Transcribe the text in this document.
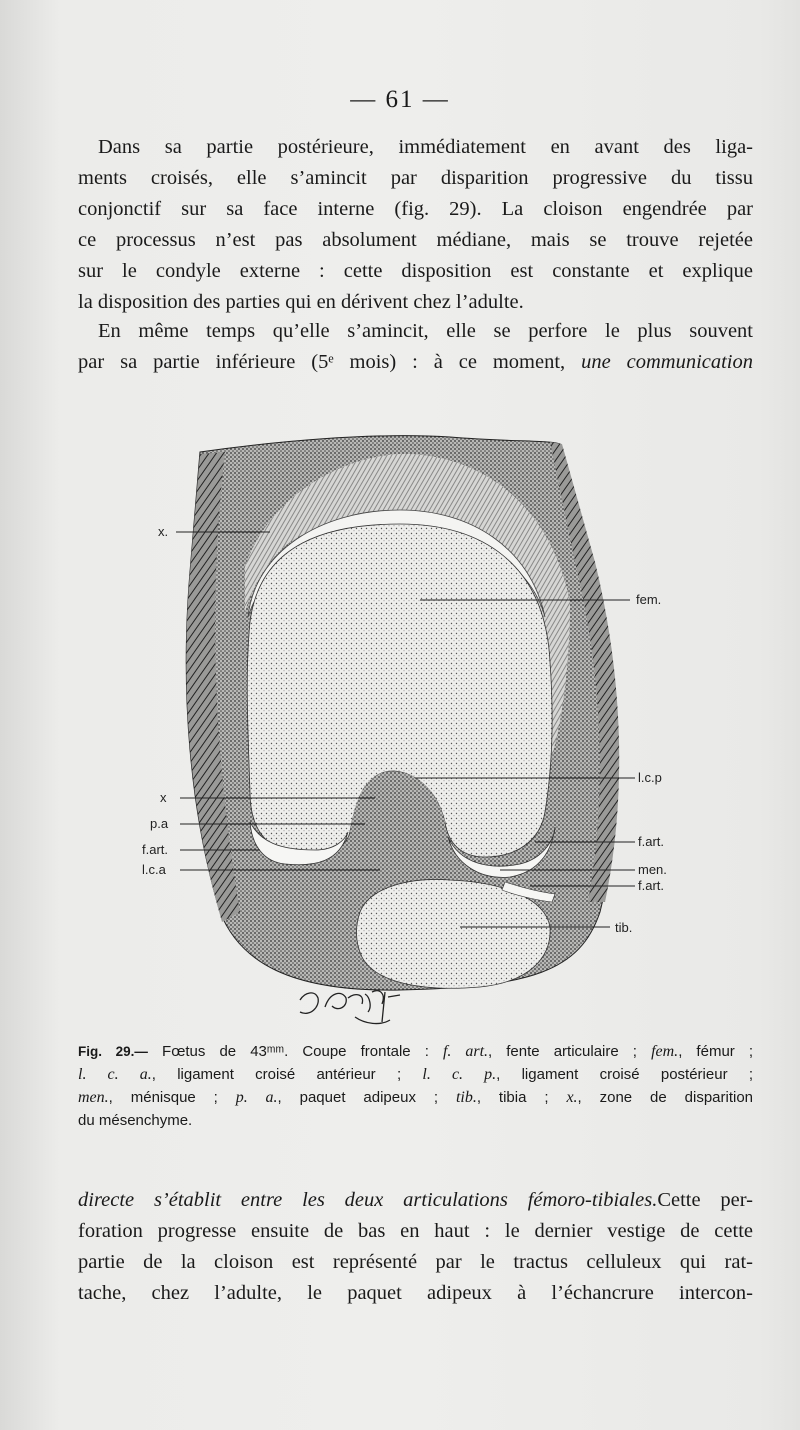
— 61 —

Dans sa partie postérieure, immédiatement en avant des liga-
ments croisés, elle s’amincit par disparition progressive du tissu
conjonctif sur sa face interne (fig. 29). La cloison engendrée par
ce processus n’est pas absolument médiane, mais se trouve rejetée
sur le condyle externe : cette disposition est constante et explique
la disposition des parties qui en dérivent chez l’adulte.

En même temps qu’elle s’amincit, elle se perfore le plus souvent
par sa partie inférieure (5ᵉ mois) : à ce moment, une communication

x.
fem.
l.c.p
x
p.a
f.art.
l.c.a
f.art.
men.
f.art.
tib.

Fig. 29.— Fœtus de 43ᵐᵐ. Coupe frontale : f. art., fente articulaire ; fem., fémur ;
l. c. a., ligament croisé antérieur ; l. c. p., ligament croisé postérieur ;
men., ménisque ; p. a., paquet adipeux ; tib., tibia ; x., zone de disparition
du mésenchyme.

directe s’établit entre les deux articulations fémoro-tibiales.Cette per-
foration progresse ensuite de bas en haut : le dernier vestige de cette
partie de la cloison est représenté par le tractus celluleux qui rat-
tache, chez l’adulte, le paquet adipeux à l’échancrure intercon-
